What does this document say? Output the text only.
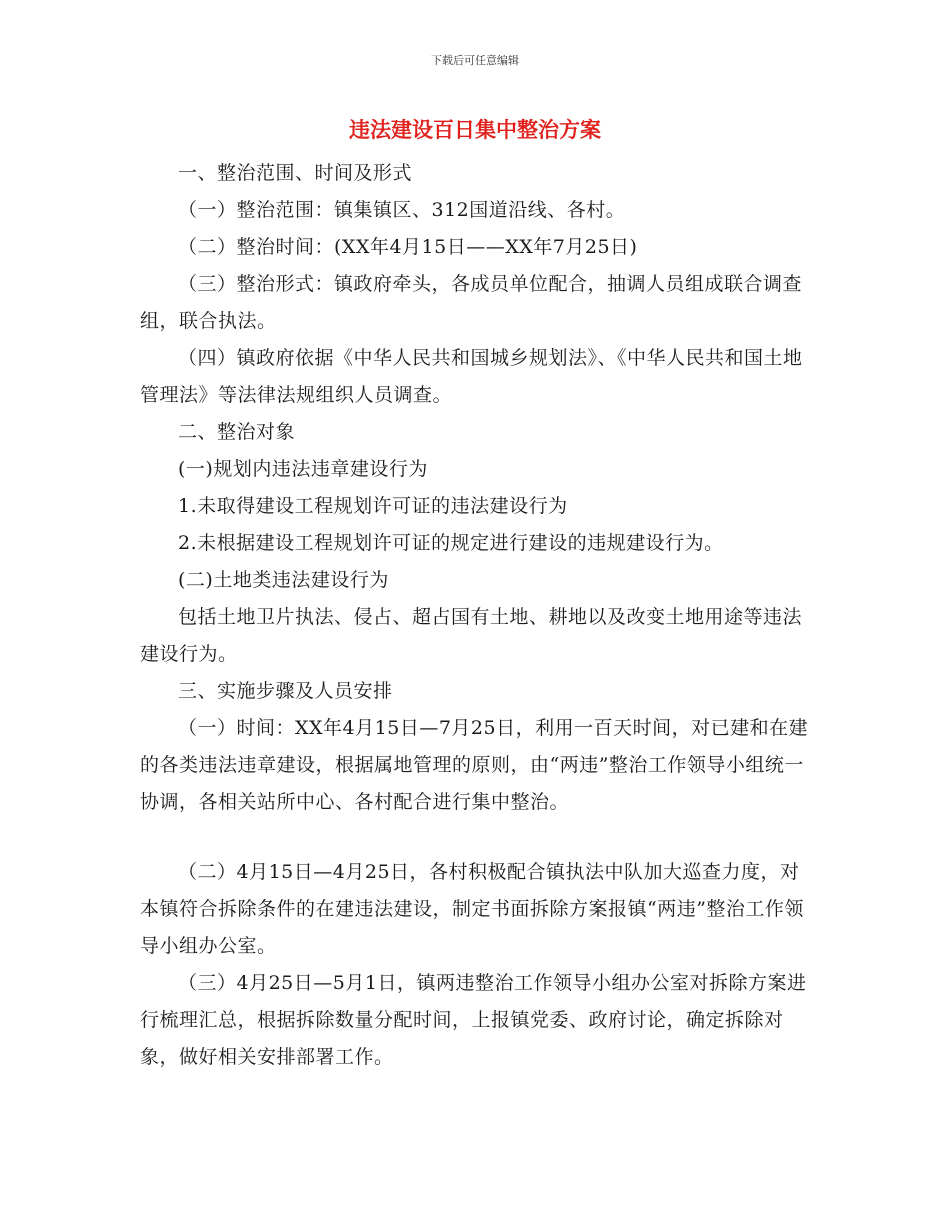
下载后可任意编辑
违法建设百日集中整治方案

一、整治范围、时间及形式

（一）整治范围：镇集镇区、312国道沿线、各村。

（二）整治时间：(XX年4月15日——XX年7月25日)

（三）整治形式：镇政府牵头，各成员单位配合，抽调人员组成联合调查组，联合执法。

（四）镇政府依据《中华人民共和国城乡规划法》、《中华人民共和国土地管理法》等法律法规组织人员调查。

二、整治对象

(一)规划内违法违章建设行为

1.未取得建设工程规划许可证的违法建设行为

2.未根据建设工程规划许可证的规定进行建设的违规建设行为。

(二)土地类违法建设行为

包括土地卫片执法、侵占、超占国有土地、耕地以及改变土地用途等违法建设行为。

三、实施步骤及人员安排

（一）时间：XX年4月15日—7月25日，利用一百天时间，对已建和在建的各类违法违章建设，根据属地管理的原则，由“两违”整治工作领导小组统一协调，各相关站所中心、各村配合进行集中整治。

（二）4月15日—4月25日，各村积极配合镇执法中队加大巡查力度，对本镇符合拆除条件的在建违法建设，制定书面拆除方案报镇“两违”整治工作领导小组办公室。

（三）4月25日—5月1日，镇两违整治工作领导小组办公室对拆除方案进行梳理汇总，根据拆除数量分配时间，上报镇党委、政府讨论，确定拆除对象，做好相关安排部署工作。
